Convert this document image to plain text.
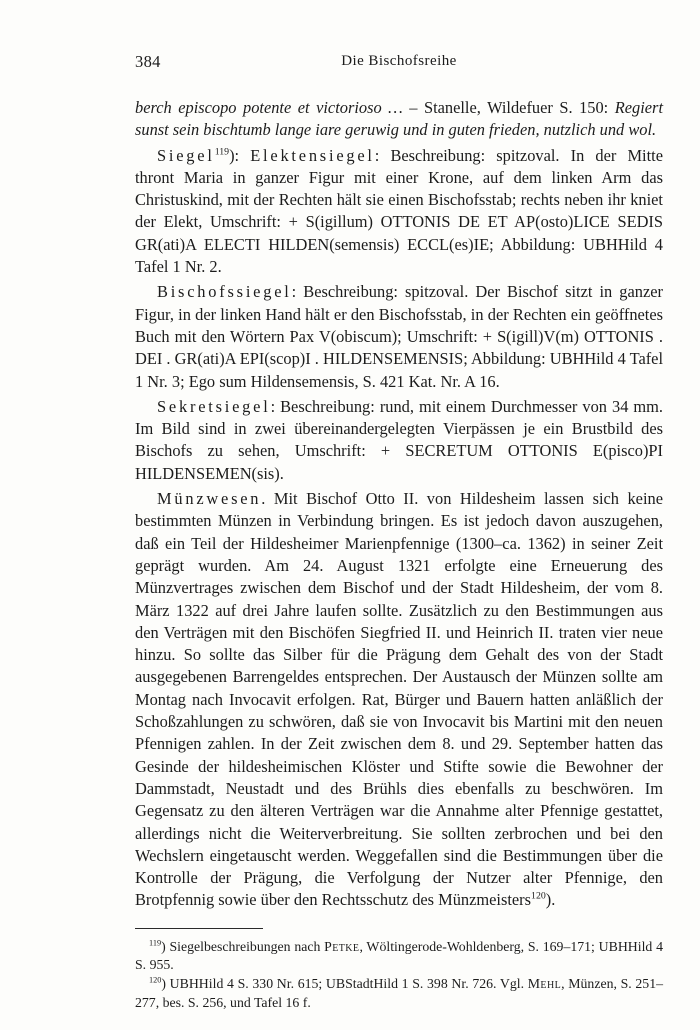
384	Die Bischofsreihe

berch episcopo potente et victorioso … – Stanelle, Wildefuer S. 150: Regiert sunst sein bischtumb lange iare geruwig und in guten frieden, nutzlich und wol.

Siegel$^{119}$): Elektensiegel: Beschreibung: spitzoval. In der Mitte thront Maria in ganzer Figur mit einer Krone, auf dem linken Arm das Christuskind, mit der Rechten hält sie einen Bischofsstab; rechts neben ihr kniet der Elekt, Umschrift: + S(igillum) OTTONIS DE ET AP(osto)LICE SEDIS GR(ati)A ELECTI HILDEN(semensis) ECCL(es)IE; Abbildung: UBHHild 4 Tafel 1 Nr. 2.

Bischofssiegel: Beschreibung: spitzoval. Der Bischof sitzt in ganzer Figur, in der linken Hand hält er den Bischofsstab, in der Rechten ein geöffnetes Buch mit den Wörtern Pax V(obiscum); Umschrift: + S(igill)V(m) OTTONIS . DEI . GR(ati)A EPI(scop)I . HILDENSEMENSIS; Abbildung: UBHHild 4 Tafel 1 Nr. 3; Ego sum Hildensemensis, S. 421 Kat. Nr. A 16.

Sekretsiegel: Beschreibung: rund, mit einem Durchmesser von 34 mm. Im Bild sind in zwei übereinandergelegten Vierpässen je ein Brustbild des Bischofs zu sehen, Umschrift: + SECRETUM OTTONIS E(pisco)PI HILDENSEMEN(sis).

Münzwesen. Mit Bischof Otto II. von Hildesheim lassen sich keine bestimmten Münzen in Verbindung bringen. Es ist jedoch davon auszugehen, daß ein Teil der Hildesheimer Marienpfennige (1300–ca. 1362) in seiner Zeit geprägt wurden. Am 24. August 1321 erfolgte eine Erneuerung des Münzvertrages zwischen dem Bischof und der Stadt Hildesheim, der vom 8. März 1322 auf drei Jahre laufen sollte. Zusätzlich zu den Bestimmungen aus den Verträgen mit den Bischöfen Siegfried II. und Heinrich II. traten vier neue hinzu. So sollte das Silber für die Prägung dem Gehalt des von der Stadt ausgegebenen Barrengeldes entsprechen. Der Austausch der Münzen sollte am Montag nach Invocavit erfolgen. Rat, Bürger und Bauern hatten anläßlich der Schoßzahlungen zu schwören, daß sie von Invocavit bis Martini mit den neuen Pfennigen zahlen. In der Zeit zwischen dem 8. und 29. September hatten das Gesinde der hildesheimischen Klöster und Stifte sowie die Bewohner der Dammstadt, Neustadt und des Brühls dies ebenfalls zu beschwören. Im Gegensatz zu den älteren Verträgen war die Annahme alter Pfennige gestattet, allerdings nicht die Weiterverbreitung. Sie sollten zerbrochen und bei den Wechslern eingetauscht werden. Weggefallen sind die Bestimmungen über die Kontrolle der Prägung, die Verfolgung der Nutzer alter Pfennige, den Brotpfennig sowie über den Rechtsschutz des Münzmeisters$^{120}$).

$^{119}$) Siegelbeschreibungen nach Petke, Wöltingerode-Wohldenberg, S. 169–171; UBHHild 4 S. 955.

$^{120}$) UBHHild 4 S. 330 Nr. 615; UBStadtHild 1 S. 398 Nr. 726. Vgl. Mehl, Münzen, S. 251–277, bes. S. 256, und Tafel 16 f.
